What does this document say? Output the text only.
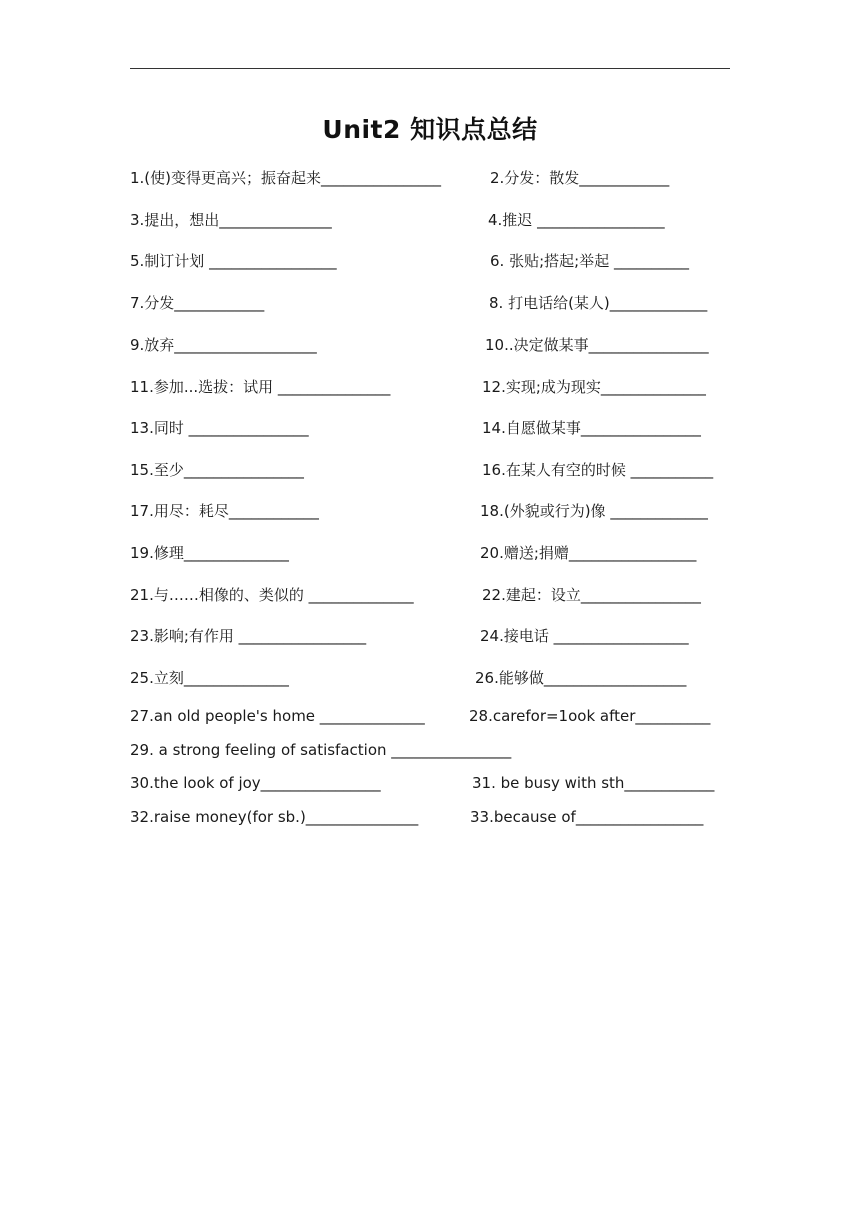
Unit2 知识点总结
1.(使)变得更高兴；振奋起来________________	2.分发：散发____________
3.提出，想出_______________	4.推迟 _________________
5.制订计划 _________________	6. 张贴;搭起;举起 __________
7.分发____________	8. 打电话给(某人)_____________
9.放弃___________________	10..决定做某事________________
11.参加...选拔：试用 _______________	12.实现;成为现实______________
13.同时 ________________	14.自愿做某事________________
15.至少________________	16.在某人有空的时候 ___________
17.用尽：耗尽____________	18.(外貌或行为)像 _____________
19.修理______________	20.赠送;捐赠_________________
21.与……相像的、类似的 ______________	22.建起：设立________________
23.影响;有作用 _________________	24.接电话 __________________
25.立刻______________	26.能够做___________________
27.an old people's home ______________	28.carefor=1ook after__________
29. a strong feeling of satisfaction ________________
30.the look of joy________________	31. be busy with sth____________
32.raise money(for sb.)_______________	33.because of_________________
